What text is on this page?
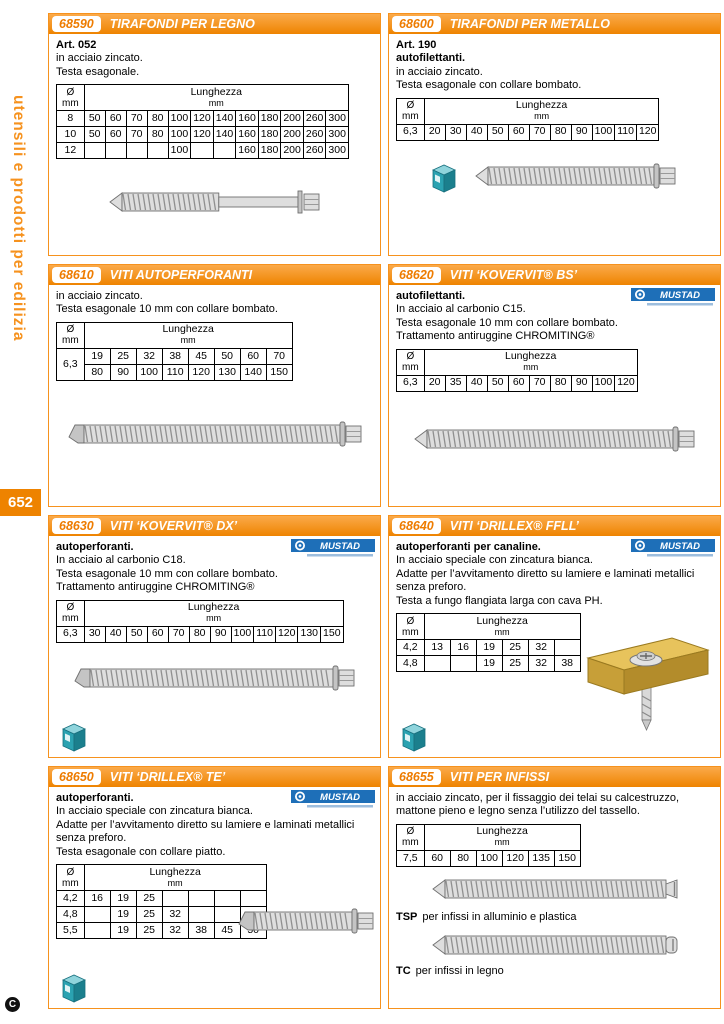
utensili e prodotti per edilizia
652
C
68590	TIRAFONDI PER LEGNO
Art. 052
in acciaio zincato.
Testa esagonale.
Ø
mm	Lunghezza
mm											
8	50	60	70	80	100	120	140	160	180	200	260	300
10	50	60	70	80	100	120	140	160	180	200	260	300
12					100			160	180	200	260	300
68600	TIRAFONDI PER METALLO
Art. 190
autofilettanti.
in acciaio zincato.
Testa esagonale con collare bombato.
Ø
mm	Lunghezza
mm										
6,3	20	30	40	50	60	70	80	90	100	110	120
68610	VITI AUTOPERFORANTI
in acciaio zincato.
Testa esagonale 10 mm con collare bombato.
Ø
mm	Lunghezza
mm							
6,3	19	25	32	38	45	50	60	70
	80	90	100	110	120	130	140	150
68620	VITI ‘KOVERVIT® BS’
MUSTAD
autofilettanti.
In acciaio al carbonio C15.
Testa esagonale 10 mm con collare bombato.
Trattamento antiruggine CHROMITING®
Ø
mm	Lunghezza
mm									
6,3	20	35	40	50	60	70	80	90	100	120
68630	VITI ‘KOVERVIT® DX’
MUSTAD
autoperforanti.
In acciaio al carbonio C18.
Testa esagonale 10 mm con collare bombato.
Trattamento antiruggine CHROMITING®
Ø
mm	Lunghezza
mm											
6,3	30	40	50	60	70	80	90	100	110	120	130	150
68640	VITI ‘DRILLEX® FFLL’
MUSTAD
autoperforanti per canaline.
In acciaio speciale con zincatura bianca.
Adatte per l’avvitamento diretto su lamiere e laminati metallici senza preforo.
Testa a fungo flangiata larga con cava PH.
Ø
mm	Lunghezza
mm					
4,2	13	16	19	25	32	
4,8			19	25	32	38
68650	VITI ‘DRILLEX® TE’
MUSTAD
autoperforanti.
In acciaio speciale con zincatura bianca.
Adatte per l’avvitamento diretto su lamiere e laminati metallici senza preforo.
Testa esagonale con collare piatto.
Ø
mm	Lunghezza
mm						
4,2	16	19	25				
4,8		19	25	32			
5,5		19	25	32	38	45	
68655	VITI PER INFISSI
in acciaio zincato, per il fissaggio dei telai su calcestruzzo, mattone pieno e legno senza l’utilizzo del tassello.
Ø
mm	Lunghezza
mm					
7,5	60	80	100	120	135	150
TSP per infissi in alluminio e plastica
TC per infissi in legno
